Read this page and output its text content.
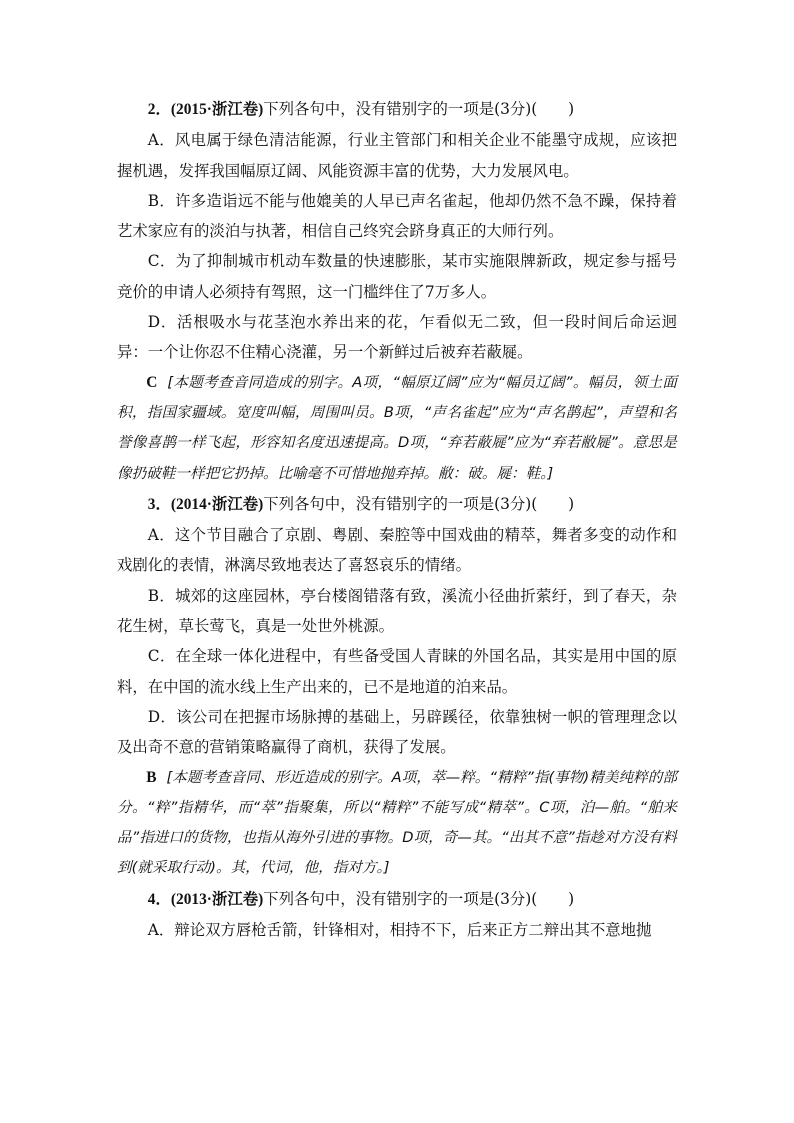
2．(2015·浙江卷)下列各句中，没有错别字的一项是(3分)(　　)

A．风电属于绿色清洁能源，行业主管部门和相关企业不能墨守成规，应该把握机遇，发挥我国幅原辽阔、风能资源丰富的优势，大力发展风电。

B．许多造诣远不能与他媲美的人早已声名雀起，他却仍然不急不躁，保持着艺术家应有的淡泊与执著，相信自己终究会跻身真正的大师行列。

C．为了抑制城市机动车数量的快速膨胀，某市实施限牌新政，规定参与摇号竞价的申请人必须持有驾照，这一门槛绊住了7万多人。

D．活根吸水与花茎泡水养出来的花，乍看似无二致，但一段时间后命运迥异：一个让你忍不住精心浇灌，另一个新鲜过后被弃若蔽屣。

C [本题考查音同造成的别字。A项，“幅原辽阔”应为“幅员辽阔”。幅员，领土面积，指国家疆域。宽度叫幅，周围叫员。B项，“声名雀起”应为“声名鹊起”，声望和名誉像喜鹊一样飞起，形容知名度迅速提高。D项，“弃若蔽屣”应为“弃若敝屣”。意思是像扔破鞋一样把它扔掉。比喻毫不可惜地抛弃掉。敝：破。屣：鞋。]

3．(2014·浙江卷)下列各句中，没有错别字的一项是(3分)(　　)

A．这个节目融合了京剧、粤剧、秦腔等中国戏曲的精萃，舞者多变的动作和戏剧化的表情，淋漓尽致地表达了喜怒哀乐的情绪。

B．城郊的这座园林，亭台楼阁错落有致，溪流小径曲折萦纡，到了春天，杂花生树，草长莺飞，真是一处世外桃源。

C．在全球一体化进程中，有些备受国人青睐的外国名品，其实是用中国的原料，在中国的流水线上生产出来的，已不是地道的泊来品。

D．该公司在把握市场脉搏的基础上，另辟蹊径，依靠独树一帜的管理理念以及出奇不意的营销策略赢得了商机，获得了发展。

B [本题考查音同、形近造成的别字。A项，萃—粹。“精粹”指(事物)精美纯粹的部分。“粹”指精华，而“萃”指聚集，所以“精粹”不能写成“精萃”。C项，泊—舶。“舶来品”指进口的货物，也指从海外引进的事物。D项，奇—其。“出其不意”指趁对方没有料到(就采取行动)。其，代词，他，指对方。]

4．(2013·浙江卷)下列各句中，没有错别字的一项是(3分)(　　)

A．辩论双方唇枪舌箭，针锋相对，相持不下，后来正方二辩出其不意地抛
